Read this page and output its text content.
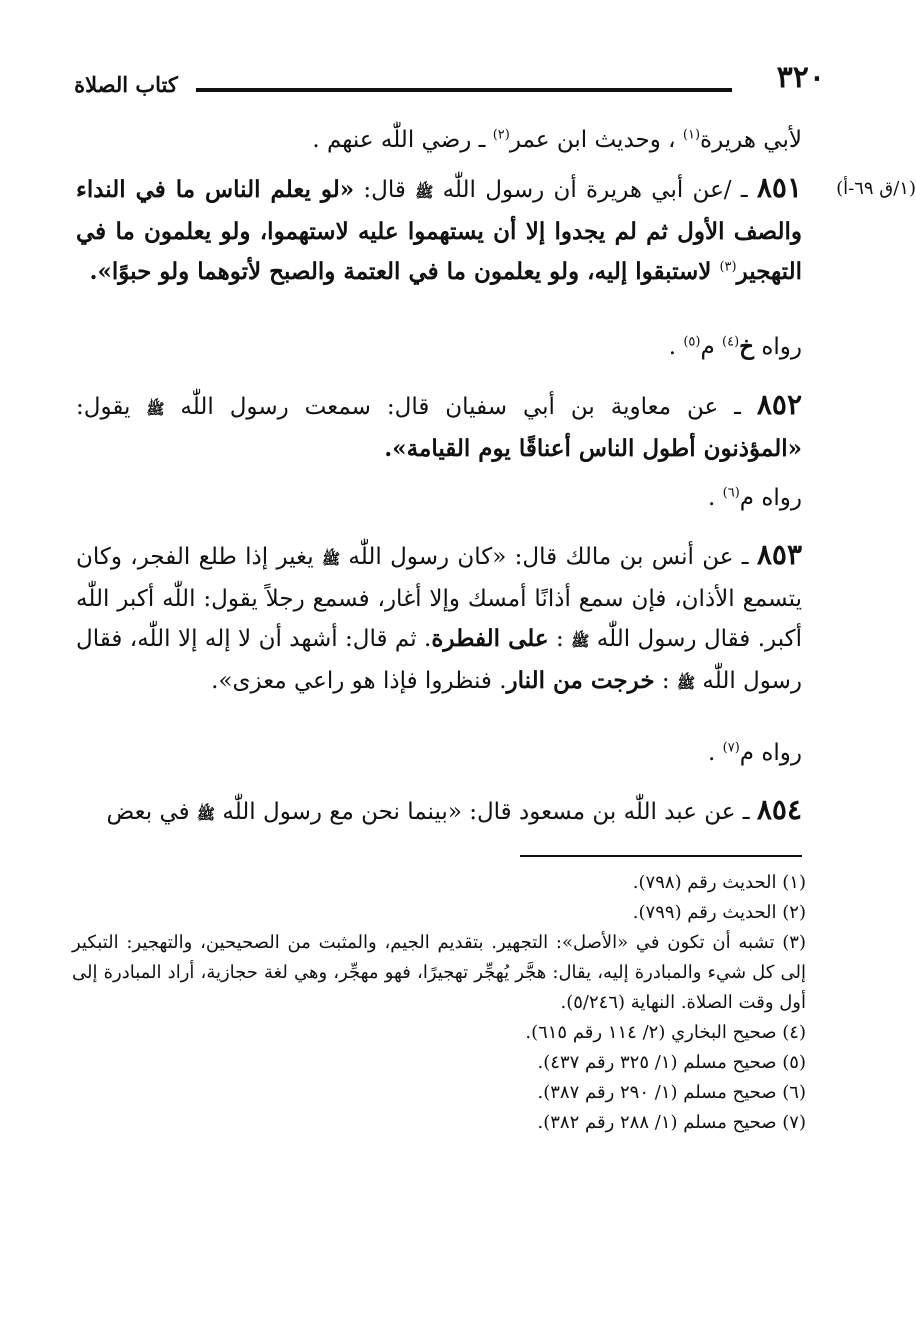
٣٢٠
كتاب الصلاة
(١/ق ٦٩-أ)
لأبي هريرة$^{(١)}$ ، وحديث ابن عمر$^{(٢)}$ ـ رضي اللّٰه عنهم .
٨٥١ ـ /عن أبي هريرة أن رسول اللّٰه ﷺ قال: «لو يعلم الناس ما في النداء والصف الأول ثم لم يجدوا إلا أن يستهموا عليه لاستهموا، ولو يعلمون ما في التهجير$^{(٣)}$ لاستبقوا إليه، ولو يعلمون ما في العتمة والصبح لأتوهما ولو حبوًا».
رواه خ$^{(٤)}$ م$^{(٥)}$ .
٨٥٢ ـ عن معاوية بن أبي سفيان قال: سمعت رسول اللّٰه ﷺ يقول: «المؤذنون أطول الناس أعناقًا يوم القيامة».
رواه م$^{(٦)}$ .
٨٥٣ ـ عن أنس بن مالك قال: «كان رسول اللّٰه ﷺ يغير إذا طلع الفجر، وكان يتسمع الأذان، فإن سمع أذانًا أمسك وإلا أغار، فسمع رجلاً يقول: اللّٰه أكبر اللّٰه أكبر. فقال رسول اللّٰه ﷺ : على الفطرة. ثم قال: أشهد أن لا إله إلا اللّٰه، فقال رسول اللّٰه ﷺ : خرجت من النار. فنظروا فإذا هو راعي معزى».
رواه م$^{(٧)}$ .
٨٥٤ ـ عن عبد اللّٰه بن مسعود قال: «بينما نحن مع رسول اللّٰه ﷺ في بعض
(١) الحديث رقم (٧٩٨).
(٢) الحديث رقم (٧٩٩).
(٣) تشبه أن تكون في «الأصل»: التجهير. بتقديم الجيم، والمثبت من الصحيحين، والتهجير: التبكير إلى كل شيء والمبادرة إليه، يقال: هجَّر يُهجِّر تهجيرًا، فهو مهجِّر، وهي لغة حجازية، أراد المبادرة إلى أول وقت الصلاة. النهاية (٥/٢٤٦).
(٤) صحيح البخاري (٢/ ١١٤ رقم ٦١٥).
(٥) صحيح مسلم (١/ ٣٢٥ رقم ٤٣٧).
(٦) صحيح مسلم (١/ ٢٩٠ رقم ٣٨٧).
(٧) صحيح مسلم (١/ ٢٨٨ رقم ٣٨٢).
